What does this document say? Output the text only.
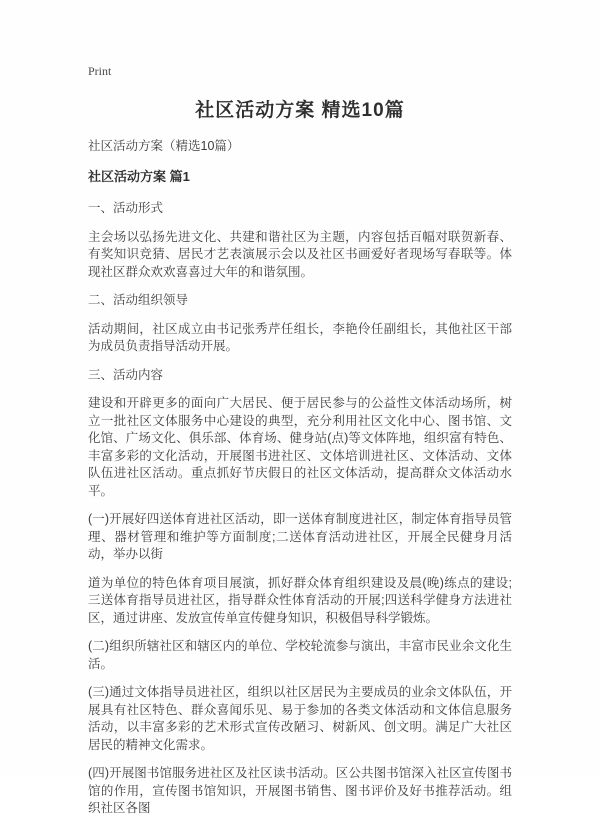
Print
社区活动方案 精选10篇
社区活动方案（精选10篇）
社区活动方案 篇1
一、活动形式
主会场以弘扬先进文化、共建和谐社区为主题，内容包括百幅对联贺新春、有奖知识竞猜、居民才艺表演展示会以及社区书画爱好者现场写春联等。体现社区群众欢欢喜喜过大年的和谐氛围。
二、活动组织领导
活动期间，社区成立由书记张秀芹任组长，李艳伶任副组长，其他社区干部为成员负责指导活动开展。
三、活动内容
建设和开辟更多的面向广大居民、便于居民参与的公益性文体活动场所，树立一批社区文体服务中心建设的典型，充分利用社区文化中心、图书馆、文化馆、广场文化、俱乐部、体育场、健身站(点)等文体阵地，组织富有特色、丰富多彩的文化活动，开展图书进社区、文体培训进社区、文体活动、文体队伍进社区活动。重点抓好节庆假日的社区文体活动，提高群众文体活动水平。
(一)开展好四送体育进社区活动，即一送体育制度进社区，制定体育指导员管理、器材管理和维护等方面制度;二送体育活动进社区，开展全民健身月活动，举办以街
道为单位的特色体育项目展演，抓好群众体育组织建设及晨(晚)练点的建设;三送体育指导员进社区，指导群众性体育活动的开展;四送科学健身方法进社区，通过讲座、发放宣传单宣传健身知识，积极倡导科学锻炼。
(二)组织所辖社区和辖区内的单位、学校轮流参与演出，丰富市民业余文化生活。
(三)通过文体指导员进社区，组织以社区居民为主要成员的业余文体队伍，开展具有社区特色、群众喜闻乐见、易于参加的各类文体活动和文体信息服务活动，以丰富多彩的艺术形式宣传改陋习、树新风、创文明。满足广大社区居民的精神文化需求。
(四)开展图书馆服务进社区及社区读书活动。区公共图书馆深入社区宣传图书馆的作用，宣传图书馆知识，开展图书销售、图书评价及好书推荐活动。组织社区各图
